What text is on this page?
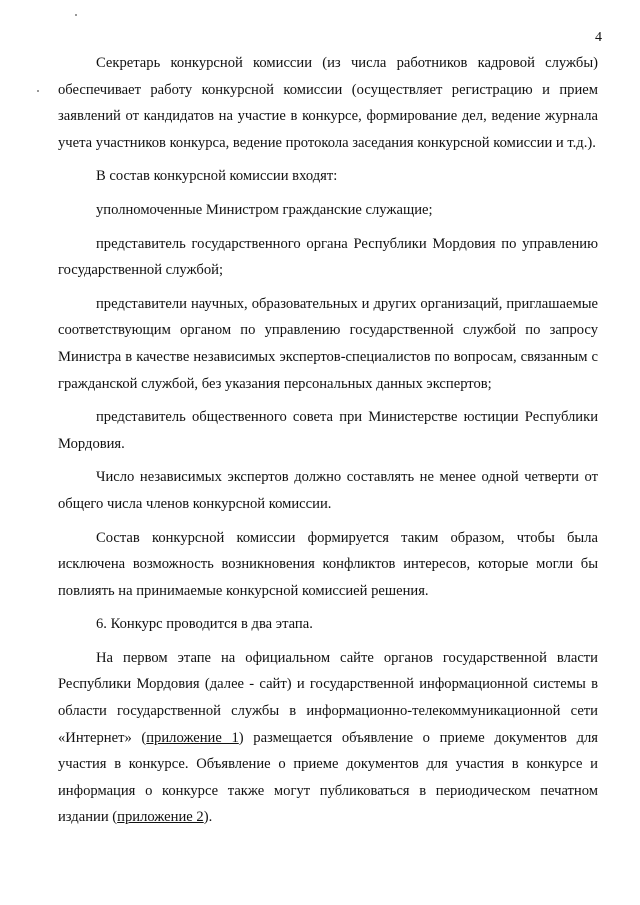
4

Секретарь конкурсной комиссии (из числа работников кадровой службы) обеспечивает работу конкурсной комиссии (осуществляет регистрацию и прием заявлений от кандидатов на участие в конкурсе, формирование дел, ведение журнала учета участников конкурса, ведение протокола заседания конкурсной комиссии и т.д.).

В состав конкурсной комиссии входят:

уполномоченные Министром гражданские служащие;

представитель государственного органа Республики Мордовия по управлению государственной службой;

представители научных, образовательных и других организаций, приглашаемые соответствующим органом по управлению государственной службой по запросу Министра в качестве независимых экспертов-специалистов по вопросам, связанным с гражданской службой, без указания персональных данных экспертов;

представитель общественного совета при Министерстве юстиции Республики Мордовия.

Число независимых экспертов должно составлять не менее одной четверти от общего числа членов конкурсной комиссии.

Состав конкурсной комиссии формируется таким образом, чтобы была исключена возможность возникновения конфликтов интересов, которые могли бы повлиять на принимаемые конкурсной комиссией решения.

6. Конкурс проводится в два этапа.

На первом этапе на официальном сайте органов государственной власти Республики Мордовия (далее - сайт) и государственной информационной системы в области государственной службы в информационно-телекоммуникационной сети «Интернет» (приложение 1) размещается объявление о приеме документов для участия в конкурсе. Объявление о приеме документов для участия в конкурсе и информация о конкурсе также могут публиковаться в периодическом печатном издании (приложение 2).
